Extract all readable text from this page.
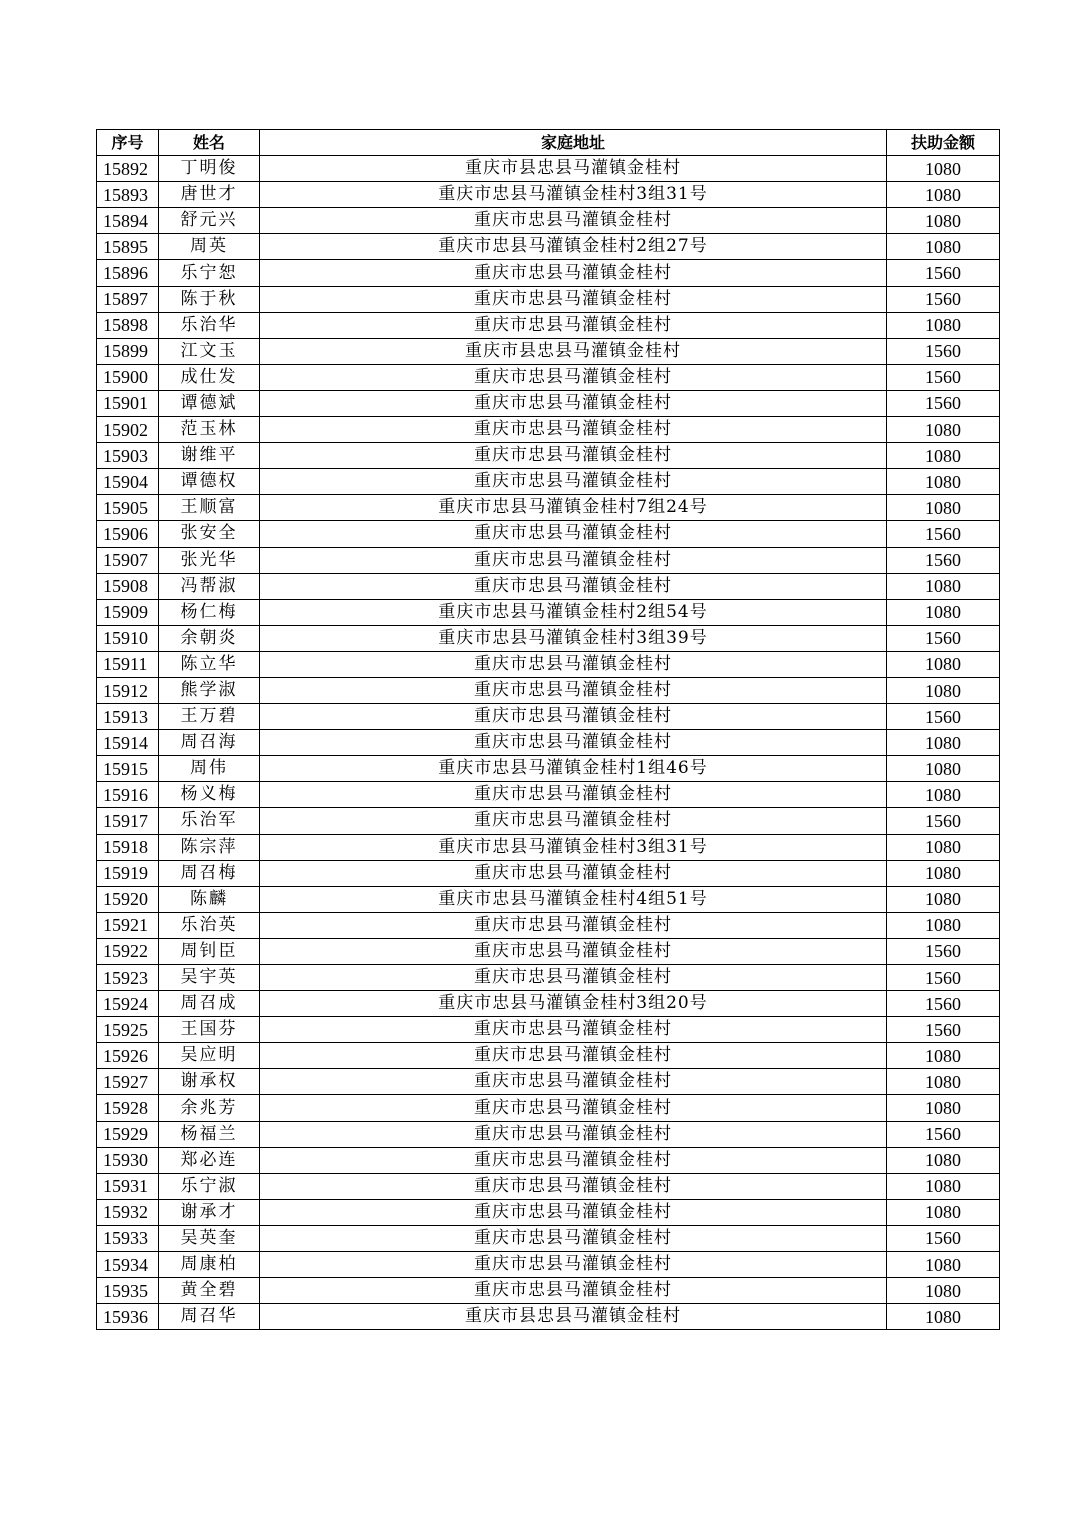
序号	姓名	家庭地址	扶助金额
15892	丁明俊	重庆市县忠县马灌镇金桂村	1080
15893	唐世才	重庆市忠县马灌镇金桂村3组31号	1080
15894	舒元兴	重庆市忠县马灌镇金桂村	1080
15895	周英	重庆市忠县马灌镇金桂村2组27号	1080
15896	乐宁恕	重庆市忠县马灌镇金桂村	1560
15897	陈于秋	重庆市忠县马灌镇金桂村	1560
15898	乐治华	重庆市忠县马灌镇金桂村	1080
15899	江文玉	重庆市县忠县马灌镇金桂村	1560
15900	成仕发	重庆市忠县马灌镇金桂村	1560
15901	谭德斌	重庆市忠县马灌镇金桂村	1560
15902	范玉林	重庆市忠县马灌镇金桂村	1080
15903	谢维平	重庆市忠县马灌镇金桂村	1080
15904	谭德权	重庆市忠县马灌镇金桂村	1080
15905	王顺富	重庆市忠县马灌镇金桂村7组24号	1080
15906	张安全	重庆市忠县马灌镇金桂村	1560
15907	张光华	重庆市忠县马灌镇金桂村	1560
15908	冯帮淑	重庆市忠县马灌镇金桂村	1080
15909	杨仁梅	重庆市忠县马灌镇金桂村2组54号	1080
15910	余朝炎	重庆市忠县马灌镇金桂村3组39号	1560
15911	陈立华	重庆市忠县马灌镇金桂村	1080
15912	熊学淑	重庆市忠县马灌镇金桂村	1080
15913	王万碧	重庆市忠县马灌镇金桂村	1560
15914	周召海	重庆市忠县马灌镇金桂村	1080
15915	周伟	重庆市忠县马灌镇金桂村1组46号	1080
15916	杨义梅	重庆市忠县马灌镇金桂村	1080
15917	乐治军	重庆市忠县马灌镇金桂村	1560
15918	陈宗萍	重庆市忠县马灌镇金桂村3组31号	1080
15919	周召梅	重庆市忠县马灌镇金桂村	1080
15920	陈麟	重庆市忠县马灌镇金桂村4组51号	1080
15921	乐治英	重庆市忠县马灌镇金桂村	1080
15922	周钊臣	重庆市忠县马灌镇金桂村	1560
15923	吴宇英	重庆市忠县马灌镇金桂村	1560
15924	周召成	重庆市忠县马灌镇金桂村3组20号	1560
15925	王国芬	重庆市忠县马灌镇金桂村	1560
15926	吴应明	重庆市忠县马灌镇金桂村	1080
15927	谢承权	重庆市忠县马灌镇金桂村	1080
15928	余兆芳	重庆市忠县马灌镇金桂村	1080
15929	杨福兰	重庆市忠县马灌镇金桂村	1560
15930	郑必连	重庆市忠县马灌镇金桂村	1080
15931	乐宁淑	重庆市忠县马灌镇金桂村	1080
15932	谢承才	重庆市忠县马灌镇金桂村	1080
15933	吴英奎	重庆市忠县马灌镇金桂村	1560
15934	周康柏	重庆市忠县马灌镇金桂村	1080
15935	黄全碧	重庆市忠县马灌镇金桂村	1080
15936	周召华	重庆市县忠县马灌镇金桂村	1080
